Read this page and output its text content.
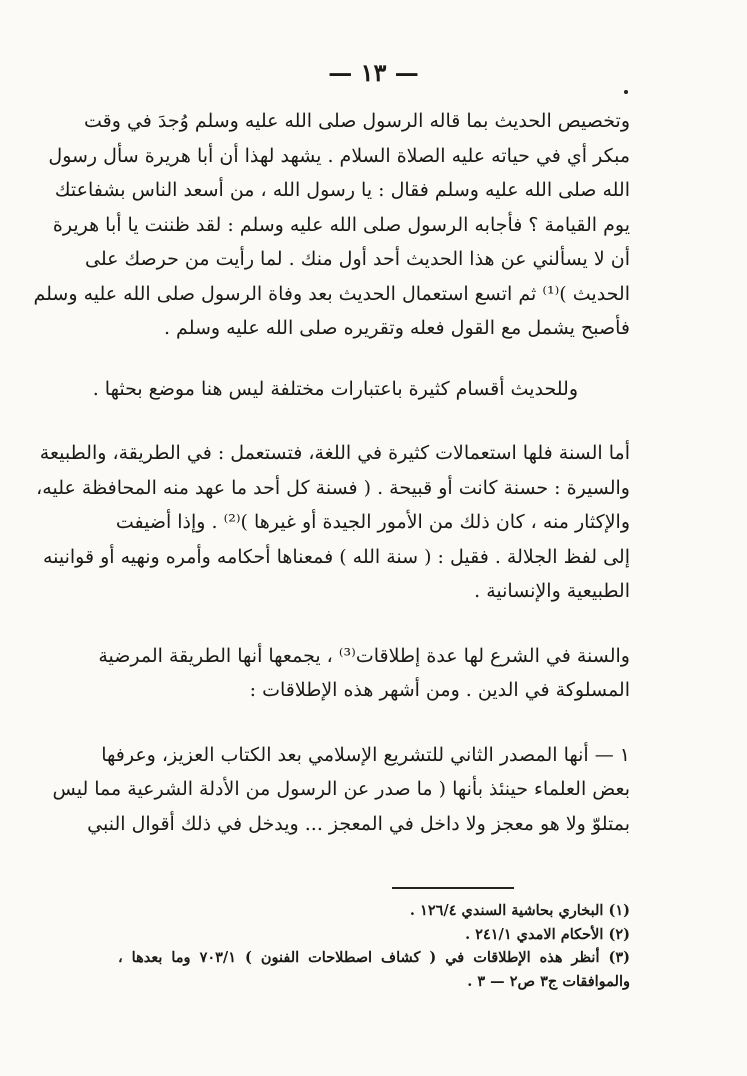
— ١٣ —
وتخصيص الحديث بما قاله الرسول صلى الله عليه وسلم وُجدَ في وقت
مبكر أي في حياته عليه الصلاة السلام . يشهد لهذا أن أبا هريرة سأل رسول
الله صلى الله عليه وسلم فقال : يا رسول الله ، من أسعد الناس بشفاعتك
يوم القيامة ؟ فأجابه الرسول صلى الله عليه وسلم : لقد ظننت يا أبا هريرة
أن لا يسألني عن هذا الحديث أحد أول منك . لما رأيت من حرصك على
الحديث )⁽¹⁾ ثم اتسع استعمال الحديث بعد وفاة الرسول صلى الله عليه وسلم
فأصبح يشمل مع القول فعله وتقريره صلى الله عليه وسلم .
وللحديث أقسام كثيرة باعتبارات مختلفة ليس هنا موضع بحثها .
أما السنة فلها استعمالات كثيرة في اللغة، فتستعمل : في الطريقة، والطبيعة
والسيرة : حسنة كانت أو قبيحة . ( فسنة كل أحد ما عهد منه المحافظة عليه،
والإكثار منه ، كان ذلك من الأمور الجيدة أو غيرها )⁽²⁾ . وإذا أضيفت
إلى لفظ الجلالة . فقيل : ( سنة الله ) فمعناها أحكامه وأمره ونهيه أو قوانينه
الطبيعية والإنسانية .
والسنة في الشرع لها عدة إطلاقات⁽³⁾ ، يجمعها أنها الطريقة المرضية
المسلوكة في الدين . ومن أشهر هذه الإطلاقات :
١ — أنها المصدر الثاني للتشريع الإسلامي بعد الكتاب العزيز، وعرفها
بعض العلماء حينئذ بأنها ( ما صدر عن الرسول من الأدلة الشرعية مما ليس
بمتلوّ ولا هو معجز ولا داخل في المعجز ... ويدخل في ذلك أقوال النبي
(١) البخاري بحاشية السندي ١٢٦/٤ .
(٢) الأحكام الامدي ٢٤١/١ .
(٣) أنظر هذه الإطلاقات في ( كشاف اصطلاحات الفنون ) ٧٠٣/١ وما بعدها ،
والموافقات ج٣ ص٢ — ٣ .
